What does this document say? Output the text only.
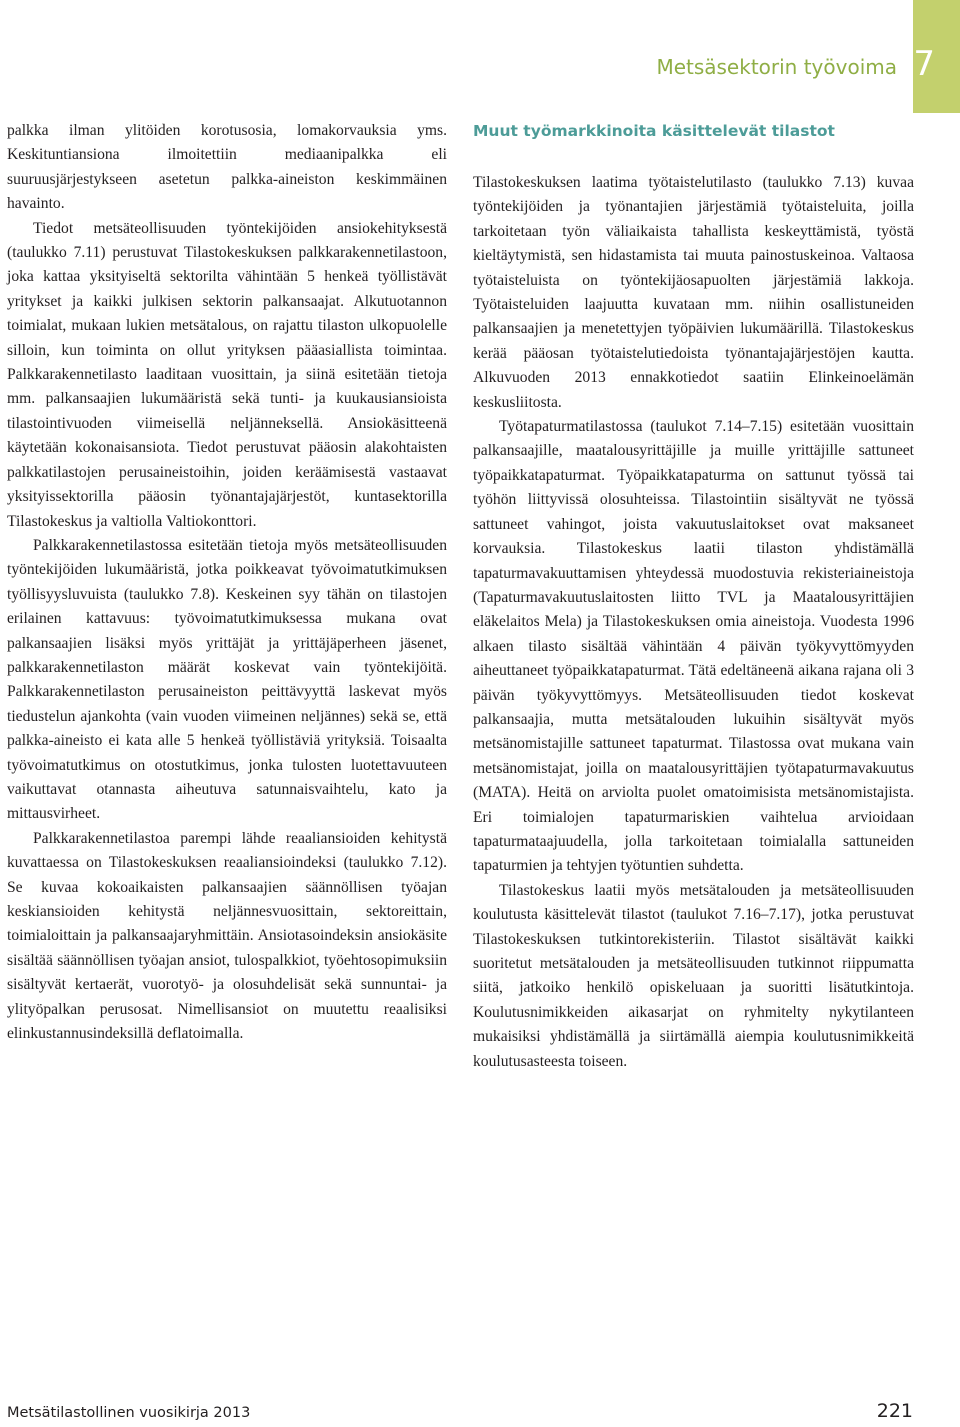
7
Metsäsektorin työvoima

palkka ilman ylitöiden korotusosia, lomakorvauksia yms. Keskituntiansiona ilmoitettiin mediaanipalkka eli suuruusjärjestykseen asetetun palkka-aineiston keskimmäinen havainto.

Tiedot metsäteollisuuden työntekijöiden ansiokehityksestä (taulukko 7.11) perustuvat Tilastokeskuksen palkkarakennetilastoon, joka kattaa yksityiseltä sektorilta vähintään 5 henkeä työllistävät yritykset ja kaikki julkisen sektorin palkansaajat. Alkutuotannon toimialat, mukaan lukien metsätalous, on rajattu tilaston ulkopuolelle silloin, kun toiminta on ollut yrityksen pääasiallista toimintaa. Palkkarakennetilasto laaditaan vuosittain, ja siinä esitetään tietoja mm. palkansaajien lukumääristä sekä tunti- ja kuukausiansioista tilastointivuoden viimeisellä neljänneksellä. Ansiokäsitteenä käytetään kokonaisansiota. Tiedot perustuvat pääosin alakohtaisten palkkatilastojen perusaineistoihin, joiden keräämisestä vastaavat yksityissektorilla pääosin työnantajajärjestöt, kuntasektorilla Tilastokeskus ja valtiolla Valtiokonttori.

Palkkarakennetilastossa esitetään tietoja myös metsäteollisuuden työntekijöiden lukumääristä, jotka poikkeavat työvoimatutkimuksen työllisyysluvuista (taulukko 7.8). Keskeinen syy tähän on tilastojen erilainen kattavuus: työvoimatutkimuksessa mukana ovat palkansaajien lisäksi myös yrittäjät ja yrittäjäperheen jäsenet, palkkarakennetilaston määrät koskevat vain työntekijöitä. Palkkarakennetilaston perusaineiston peittävyyttä laskevat myös tiedustelun ajankohta (vain vuoden viimeinen neljännes) sekä se, että palkka-aineisto ei kata alle 5 henkeä työllistäviä yrityksiä. Toisaalta työvoimatutkimus on otostutkimus, jonka tulosten luotettavuuteen vaikuttavat otannasta aiheutuva satunnaisvaihtelu, kato ja mittausvirheet.

Palkkarakennetilastoa parempi lähde reaaliansioiden kehitystä kuvattaessa on Tilastokeskuksen reaaliansioindeksi (taulukko 7.12). Se kuvaa kokoaikaisten palkansaajien säännöllisen työajan keskiansioiden kehitystä neljännesvuosittain, sektoreittain, toimialoittain ja palkansaajaryhmittäin. Ansiotasoindeksin ansiokäsite sisältää säännöllisen työajan ansiot, tulospalkkiot, työehtosopimuksiin sisältyvät kertaerät, vuorotyö- ja olosuhdelisät sekä sunnuntai- ja ylityöpalkan perusosat. Nimellisansiot on muutettu reaalisiksi elinkustannusindeksillä deflatoimalla.

Muut työmarkkinoita käsittelevät tilastot

Tilastokeskuksen laatima työtaistelutilasto (taulukko 7.13) kuvaa työntekijöiden ja työnantajien järjestämiä työtaisteluita, joilla tarkoitetaan työn väliaikaista tahallista keskeyttämistä, työstä kieltäytymistä, sen hidastamista tai muuta painostuskeinoa. Valtaosa työtaisteluista on työntekijäosapuolten järjestämiä lakkoja. Työtaisteluiden laajuutta kuvataan mm. niihin osallistuneiden palkansaajien ja menetettyjen työpäivien lukumäärillä. Tilastokeskus kerää pääosan työtaistelutiedoista työnantajajärjestöjen kautta. Alkuvuoden 2013 ennakkotiedot saatiin Elinkeinoelämän keskusliitosta.

Työtapaturmatilastossa (taulukot 7.14–7.15) esitetään vuosittain palkansaajille, maatalousyrittäjille ja muille yrittäjille sattuneet työpaikkatapaturmat. Työpaikkatapaturma on sattunut työssä tai työhön liittyvissä olosuhteissa. Tilastointiin sisältyvät ne työssä sattuneet vahingot, joista vakuutuslaitokset ovat maksaneet korvauksia. Tilastokeskus laatii tilaston yhdistämällä tapaturmavakuuttamisen yhteydessä muodostuvia rekisteriaineistoja (Tapaturmavakuutuslaitosten liitto TVL ja Maatalousyrittäjien eläkelaitos Mela) ja Tilastokeskuksen omia aineistoja. Vuodesta 1996 alkaen tilasto sisältää vähintään 4 päivän työkyvyttömyyden aiheuttaneet työpaikkatapaturmat. Tätä edeltäneenä aikana rajana oli 3 päivän työkyvyttömyys. Metsäteollisuuden tiedot koskevat palkansaajia, mutta metsätalouden lukuihin sisältyvät myös metsänomistajille sattuneet tapaturmat. Tilastossa ovat mukana vain metsänomistajat, joilla on maatalousyrittäjien työtapaturmavakuutus (MATA). Heitä on arviolta puolet omatoimisista metsänomistajista. Eri toimialojen tapaturmariskien vaihtelua arvioidaan tapaturmataajuudella, jolla tarkoitetaan toimialalla sattuneiden tapaturmien ja tehtyjen työtuntien suhdetta.

Tilastokeskus laatii myös metsätalouden ja metsäteollisuuden koulutusta käsittelevät tilastot (taulukot 7.16–7.17), jotka perustuvat Tilastokeskuksen tutkintorekisteriin. Tilastot sisältävät kaikki suoritetut metsätalouden ja metsäteollisuuden tutkinnot riippumatta siitä, jatkoiko henkilö opiskeluaan ja suoritti lisätutkintoja. Koulutusnimikkeiden aikasarjat on ryhmitelty nykytilanteen mukaisiksi yhdistämällä ja siirtämällä aiempia koulutusnimikkeitä koulutusasteesta toiseen.

Metsätilastollinen vuosikirja 2013	221
